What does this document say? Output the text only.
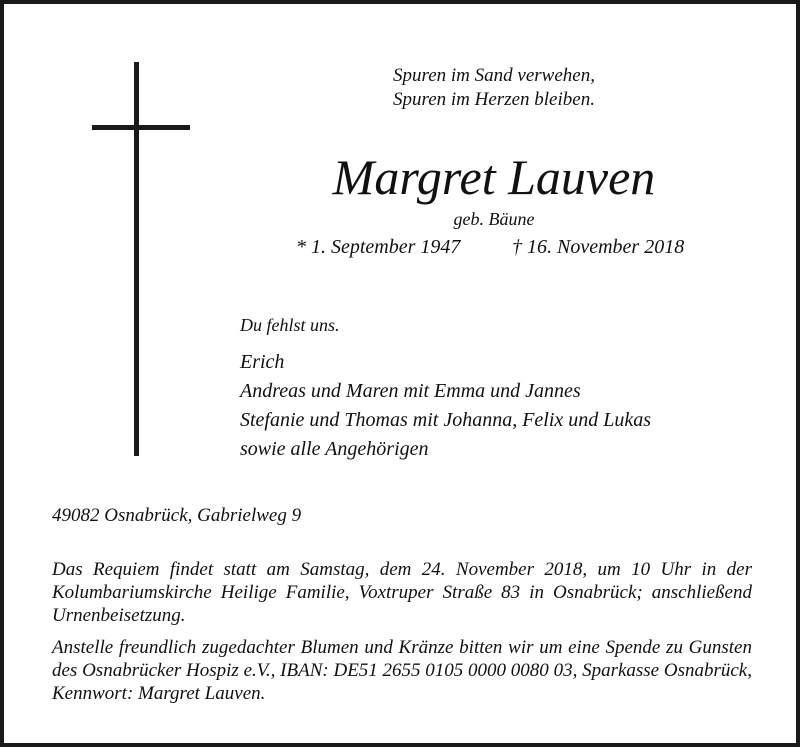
Spuren im Sand verwehen,
Spuren im Herzen bleiben.
Margret Lauven
geb. Bäune
* 1. September 1947	† 16. November 2018
Du fehlst uns.
Erich
Andreas und Maren mit Emma und Jannes
Stefanie und Thomas mit Johanna, Felix und Lukas
sowie alle Angehörigen
49082 Osnabrück, Gabrielweg 9
Das Requiem findet statt am Samstag, dem 24. November 2018, um 10 Uhr in der Kolumbariumskirche Heilige Familie, Voxtruper Straße 83 in Osnabrück; anschließend Urnenbeisetzung.
Anstelle freundlich zugedachter Blumen und Kränze bitten wir um eine Spende zu Gunsten des Osnabrücker Hospiz e.V., IBAN: DE51 2655 0105 0000 0080 03, Sparkasse Osnabrück, Kennwort: Margret Lauven.
